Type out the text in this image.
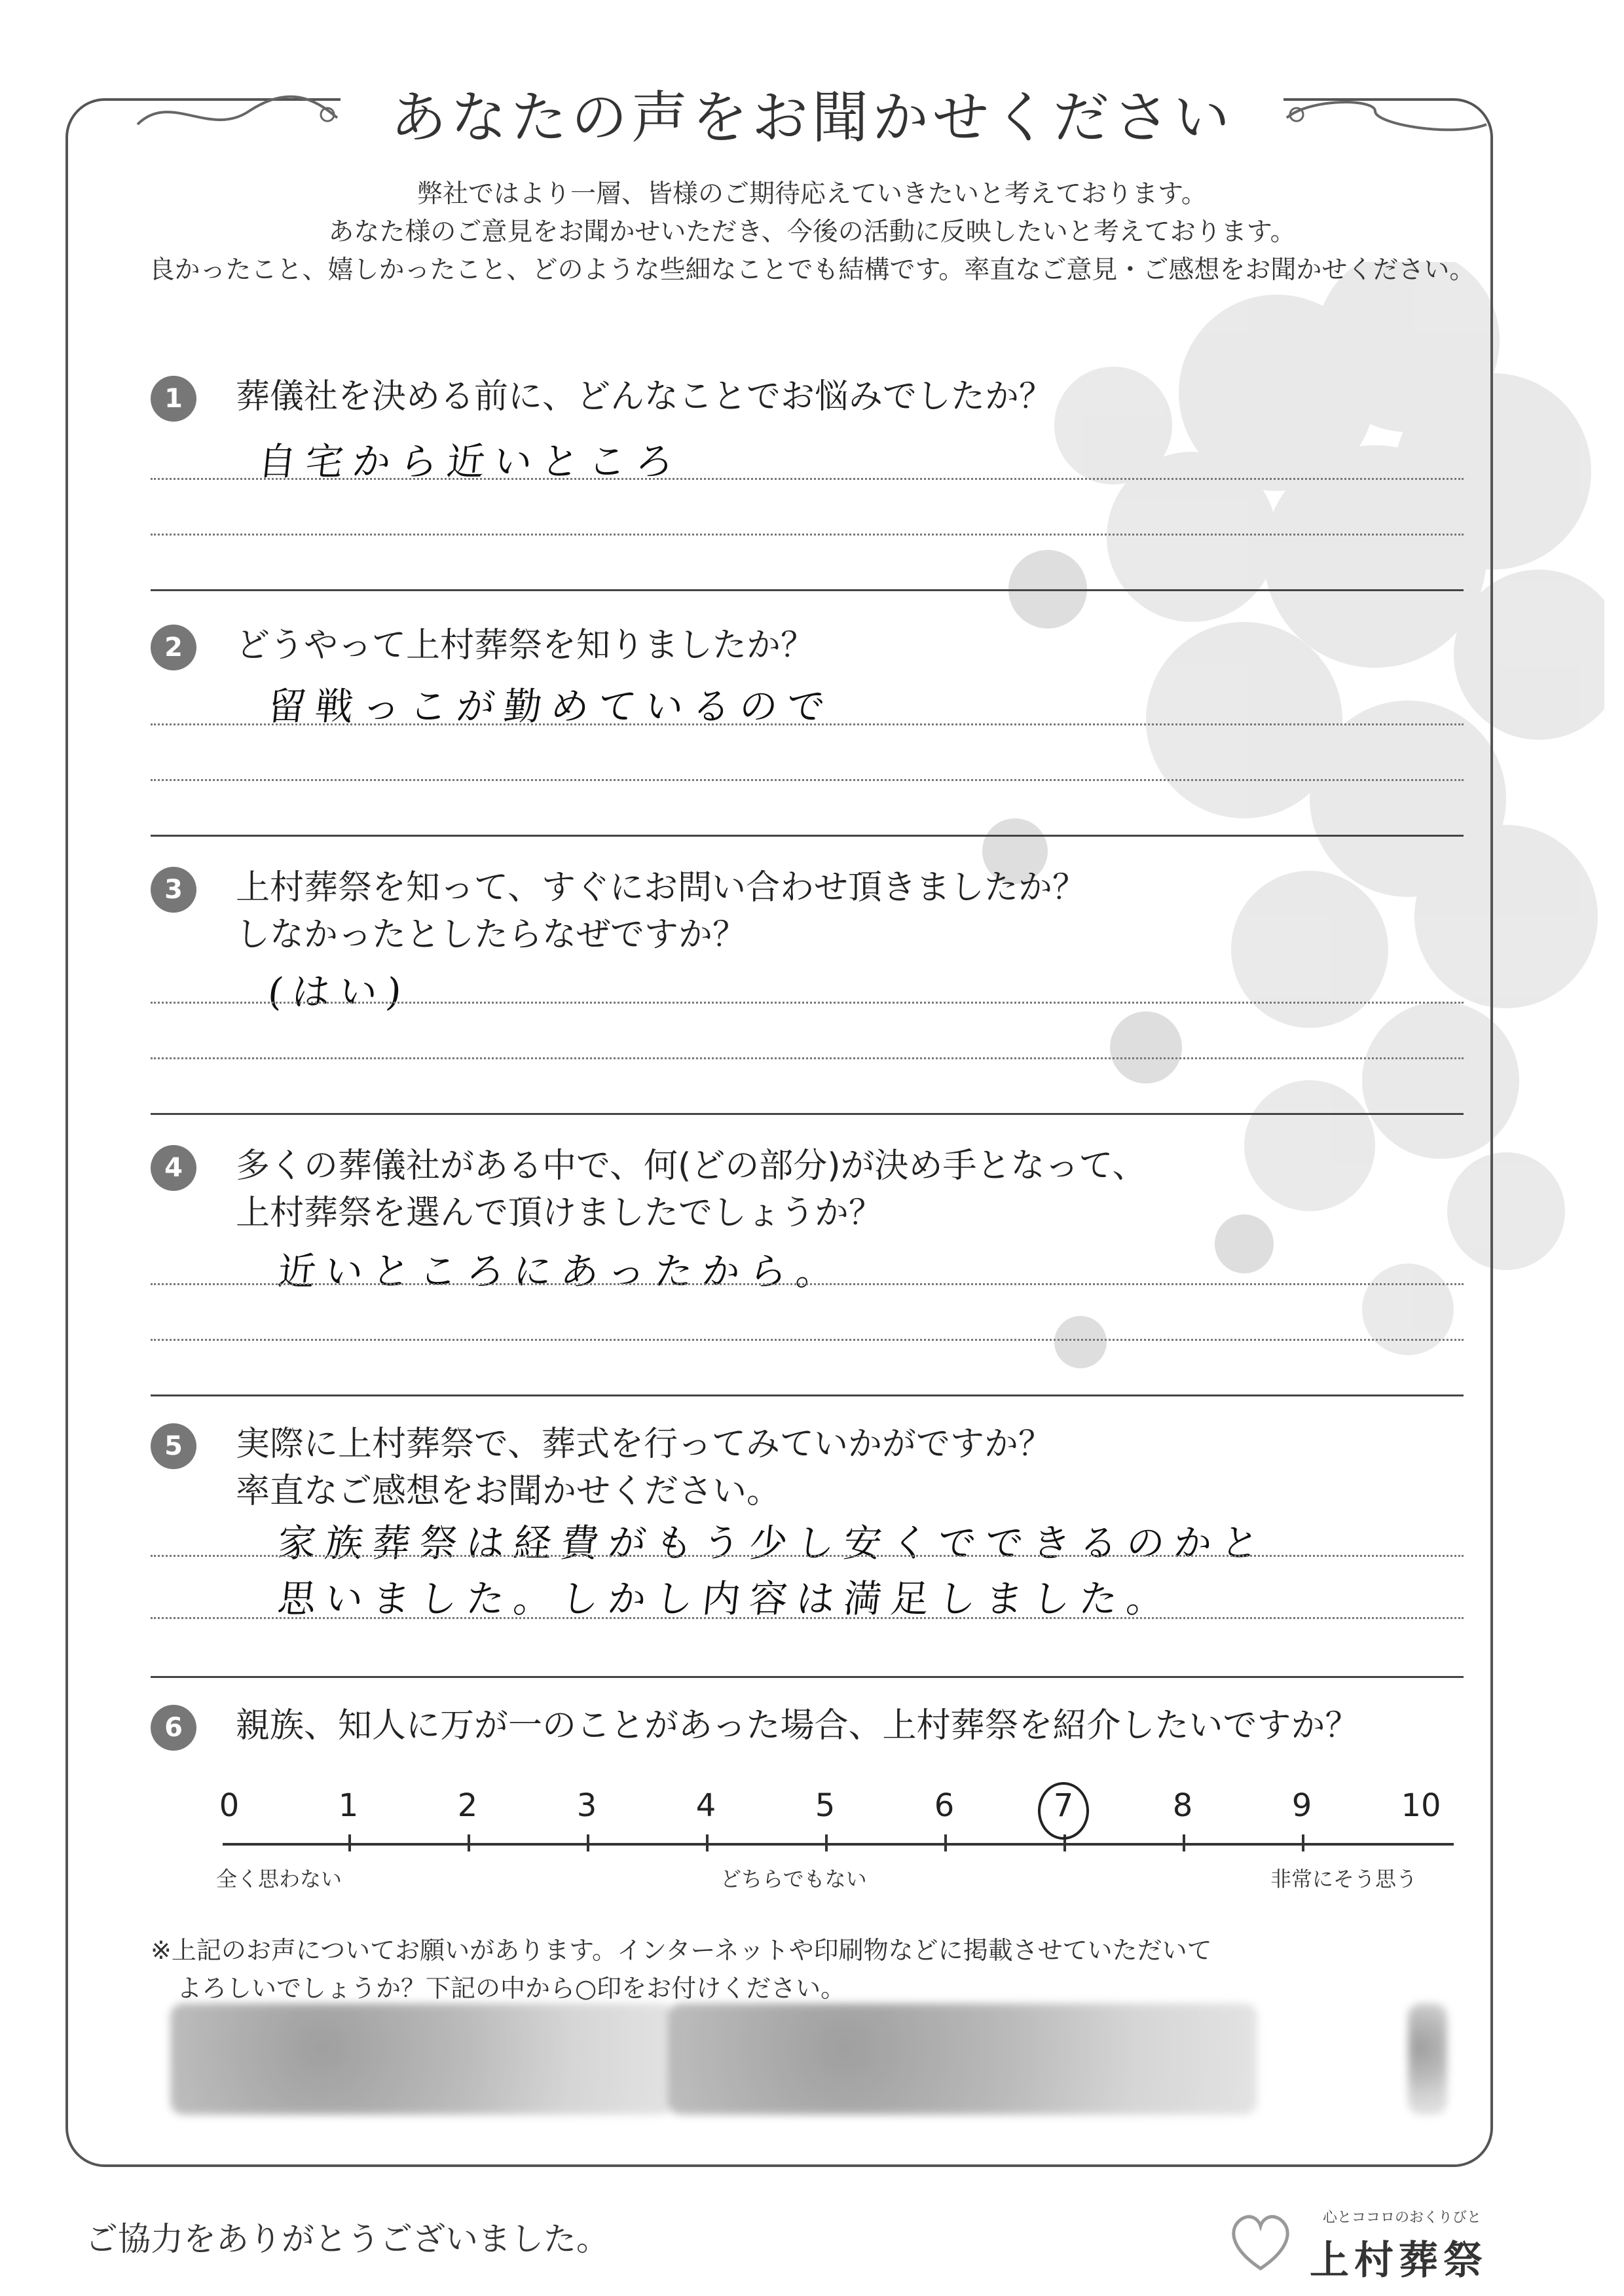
あなたの声をお聞かせください
弊社ではより一層、皆様のご期待応えていきたいと考えております。
あなた様のご意見をお聞かせいただき、今後の活動に反映したいと考えております。
良かったこと、嬉しかったこと、どのような些細なことでも結構です。率直なご意見・ご感想をお聞かせください。
1	葬儀社を決める前に、どんなことでお悩みでしたか？
自宅から近いところ
2	どうやって上村葬祭を知りましたか？
留戦っこが勤めているので
3	上村葬祭を知って、すぐにお問い合わせ頂きましたか？
しなかったとしたらなぜですか？
(はい)
4	多くの葬儀社がある中で、何(どの部分)が決め手となって、
上村葬祭を選んで頂けましたでしょうか？
近いところにあったから。
5	実際に上村葬祭で、葬式を行ってみていかがですか？
率直なご感想をお聞かせください。
家族葬祭は経費がもう少し安くでできるのかと
思いました。しかし内容は満足しました。
6	親族、知人に万が一のことがあった場合、上村葬祭を紹介したいですか？
全く思わない	どちらでもない	非常にそう思う
0	1	2	3	4	5	6	7	8	9	10
※上記のお声についてお願いがあります。インターネットや印刷物などに掲載させていただいて
よろしいでしょうか？下記の中から○印をお付けください。
ご協力をありがとうございました。
心とココロのおくりびと
上村葬祭
